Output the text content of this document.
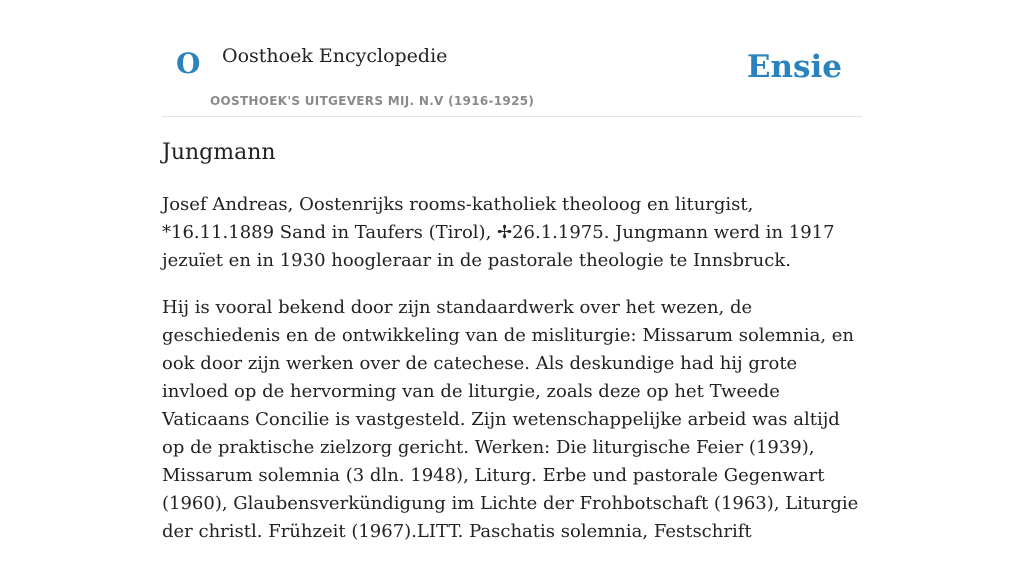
O Oosthoek Encyclopedie
OOSTHOEK'S UITGEVERS MIJ. N.V (1916-1925)
Ensie
Jungmann

Josef Andreas, Oostenrijks rooms-katholiek theoloog en liturgist, *16.11.1889 Sand in Taufers (Tirol), ✢26.1.1975. Jungmann werd in 1917 jezuïet en in 1930 hoogleraar in de pastorale theologie te Innsbruck.

Hij is vooral bekend door zijn standaardwerk over het wezen, de geschiedenis en de ontwikkeling van de misliturgie: Missarum solemnia, en ook door zijn werken over de catechese. Als deskundige had hij grote invloed op de hervorming van de liturgie, zoals deze op het Tweede Vaticaans Concilie is vastgesteld. Zijn wetenschappelijke arbeid was altijd op de praktische zielzorg gericht. Werken: Die liturgische Feier (1939), Missarum solemnia (3 dln. 1948), Liturg. Erbe und pastorale Gegenwart (1960), Glaubensverkündigung im Lichte der Frohbotschaft (1963), Liturgie der christl. Frühzeit (1967).LITT. Paschatis solemnia, Festschrift
